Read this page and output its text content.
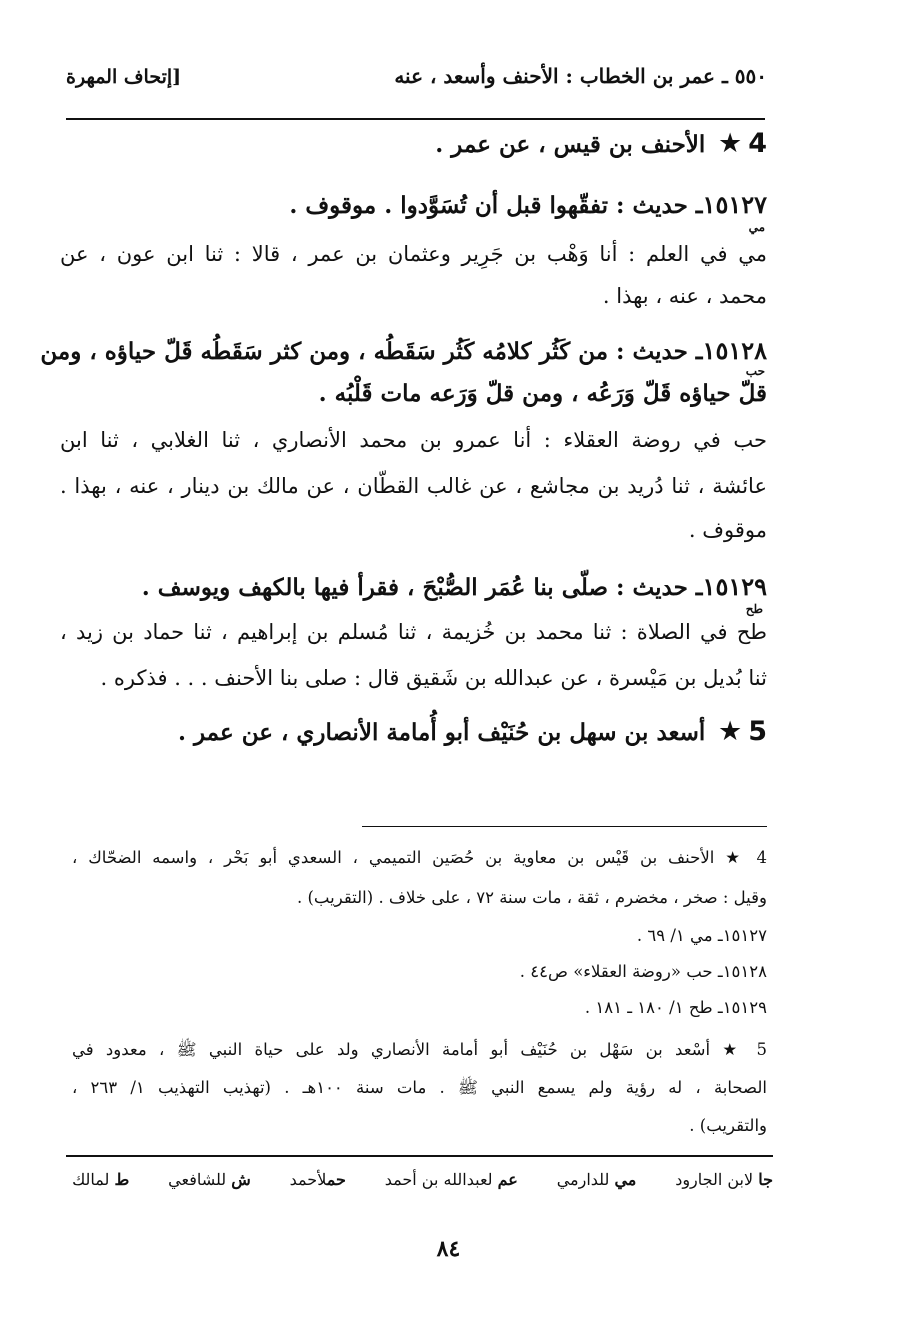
[إتحاف المهرة	٥٥٠ ـ عمر بن الخطاب : الأحنف وأسعد ، عنه
4★ الأحنف بن قيس ، عن عمر .
١٥١٢٧ـ حديث : تفقّهوا قبل أن تُسَوَّدوا . موقوف .
مي
مي في العلم : أنا وَهْب بن جَرِير وعثمان بن عمر ، قالا : ثنا ابن عون ، عن
محمد ، عنه ، بهذا .
١٥١٢٨ـ حديث : من كَثُر كلامُه كَثُر سَقَطُه ، ومن كثر سَقَطُه قَلّ حياؤه ، ومن
حب
قلّ حياؤه قَلّ وَرَعُه ، ومن قلّ وَرَعه مات قَلْبُه .
حب في روضة العقلاء : أنا عمرو بن محمد الأنصاري ، ثنا الغلابي ، ثنا ابن
عائشة ، ثنا دُريد بن مجاشع ، عن غالب القطّان ، عن مالك بن دينار ، عنه ، بهذا .
موقوف .
١٥١٢٩ـ حديث : صلّى بنا عُمَر الصُّبْحَ ، فقرأ فيها بالكهف ويوسف .
طح
طح في الصلاة : ثنا محمد بن خُزيمة ، ثنا مُسلم بن إبراهيم ، ثنا حماد بن زيد ،
ثنا بُديل بن مَيْسرة ، عن عبدالله بن شَقيق قال : صلى بنا الأحنف . . . فذكره .
5★ أسعد بن سهل بن حُنَيْف أبو أُمامة الأنصاري ، عن عمر .
4 ★ الأحنف بن قَيْس بن معاوية بن حُصَين التميمي ، السعدي أبو بَحْر ، واسمه الضحّاك ،
وقيل : صخر ، مخضرم ، ثقة ، مات سنة ٧٢ ، على خلاف . (التقريب) .
١٥١٢٧ـ مي ١/ ٦٩ .
١٥١٢٨ـ حب «روضة العقلاء» ص٤٤ .
١٥١٢٩ـ طح ١/ ١٨٠ ـ ١٨١ .
5 ★ أسْعد بن سَهْل بن حُنَيْف أبو أمامة الأنصاري ولد على حياة النبي ﷺ ، معدود في
الصحابة ، له رؤية ولم يسمع النبي ﷺ . مات سنة ١٠٠هـ . (تهذيب التهذيب ١/ ٢٦٣ ،
والتقريب) .
ط لمالك	ش للشافعي	حملأحمد	عم لعبدالله بن أحمد	مي للدارمي	جا لابن الجارود
٨٤
